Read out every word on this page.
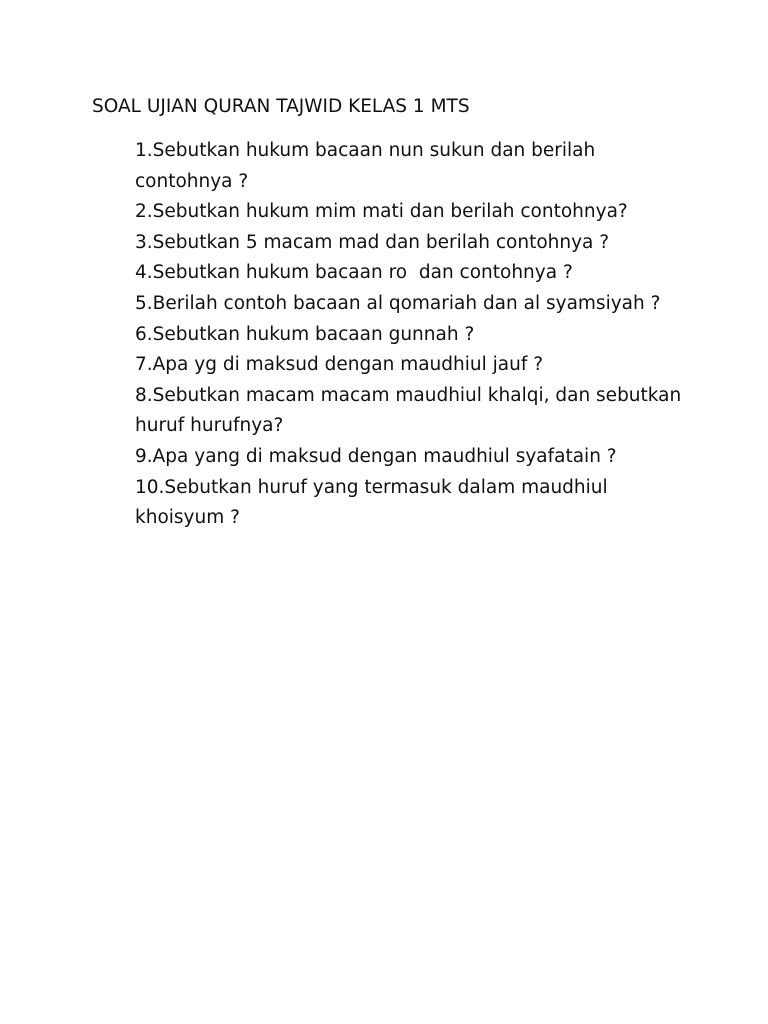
SOAL UJIAN QURAN TAJWID KELAS 1 MTS
1.Sebutkan hukum bacaan nun sukun dan berilah contohnya ?
2.Sebutkan hukum mim mati dan berilah contohnya?
3.Sebutkan 5 macam mad dan berilah contohnya ?
4.Sebutkan hukum bacaan ro  dan contohnya ?
5.Berilah contoh bacaan al qomariah dan al syamsiyah ?
6.Sebutkan hukum bacaan gunnah ?
7.Apa yg di maksud dengan maudhiul jauf ?
8.Sebutkan macam macam maudhiul khalqi, dan sebutkan huruf hurufnya?
9.Apa yang di maksud dengan maudhiul syafatain ?
10.Sebutkan huruf yang termasuk dalam maudhiul khoisyum ?
